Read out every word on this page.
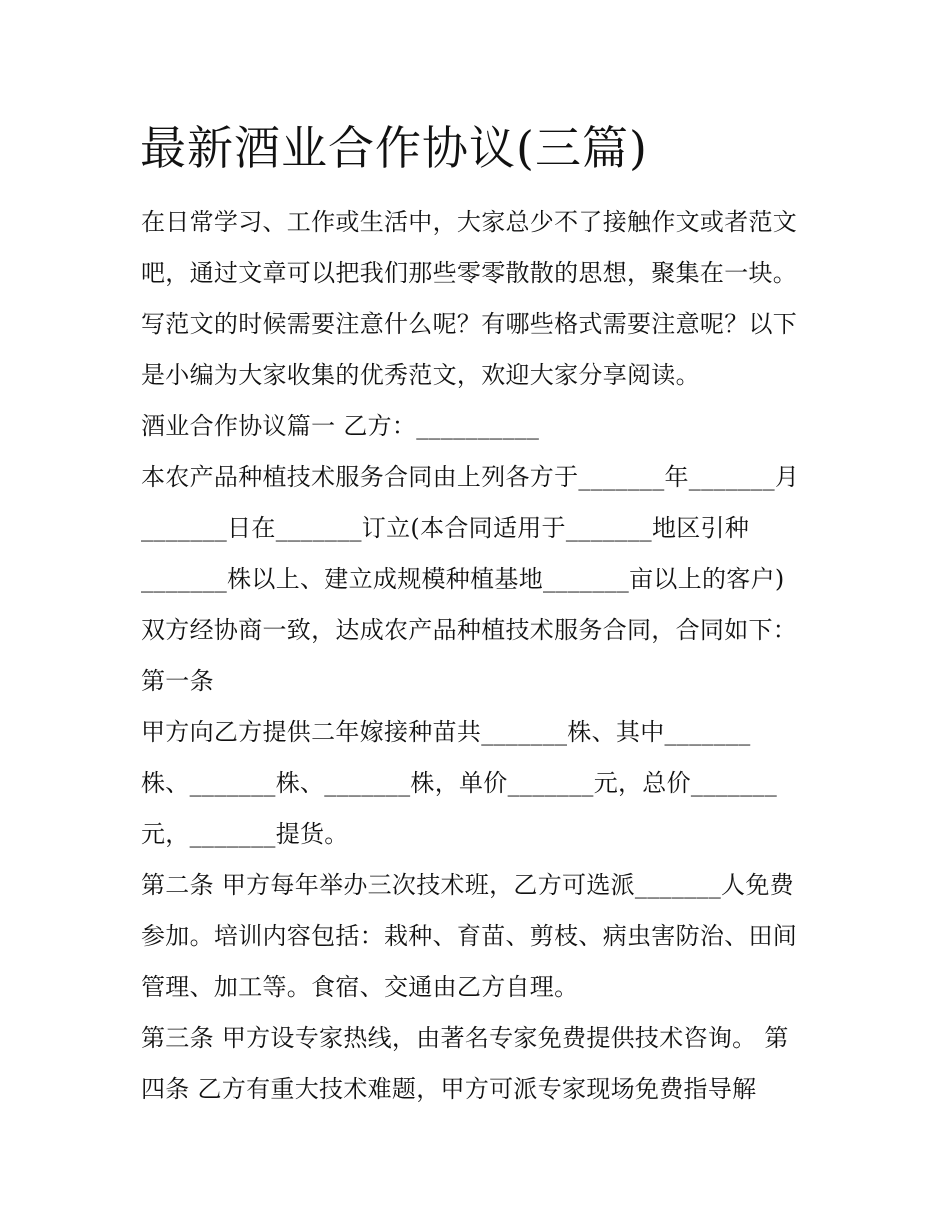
最新酒业合作协议(三篇)
在日常学习、工作或生活中，大家总少不了接触作文或者范文
吧，通过文章可以把我们那些零零散散的思想，聚集在一块。
写范文的时候需要注意什么呢？有哪些格式需要注意呢？以下
是小编为大家收集的优秀范文，欢迎大家分享阅读。
酒业合作协议篇一 乙方：__________
本农产品种植技术服务合同由上列各方于_______年_______月
_______日在_______订立(本合同适用于_______地区引种
_______株以上、建立成规模种植基地_______亩以上的客户)
双方经协商一致，达成农产品种植技术服务合同，合同如下：
第一条
甲方向乙方提供二年嫁接种苗共_______株、其中_______
株、_______株、_______株，单价_______元，总价_______
元，_______提货。
第二条 甲方每年举办三次技术班，乙方可选派_______人免费
参加。培训内容包括：栽种、育苗、剪枝、病虫害防治、田间
管理、加工等。食宿、交通由乙方自理。
第三条 甲方设专家热线，由著名专家免费提供技术咨询。 第
四条 乙方有重大技术难题，甲方可派专家现场免费指导解
